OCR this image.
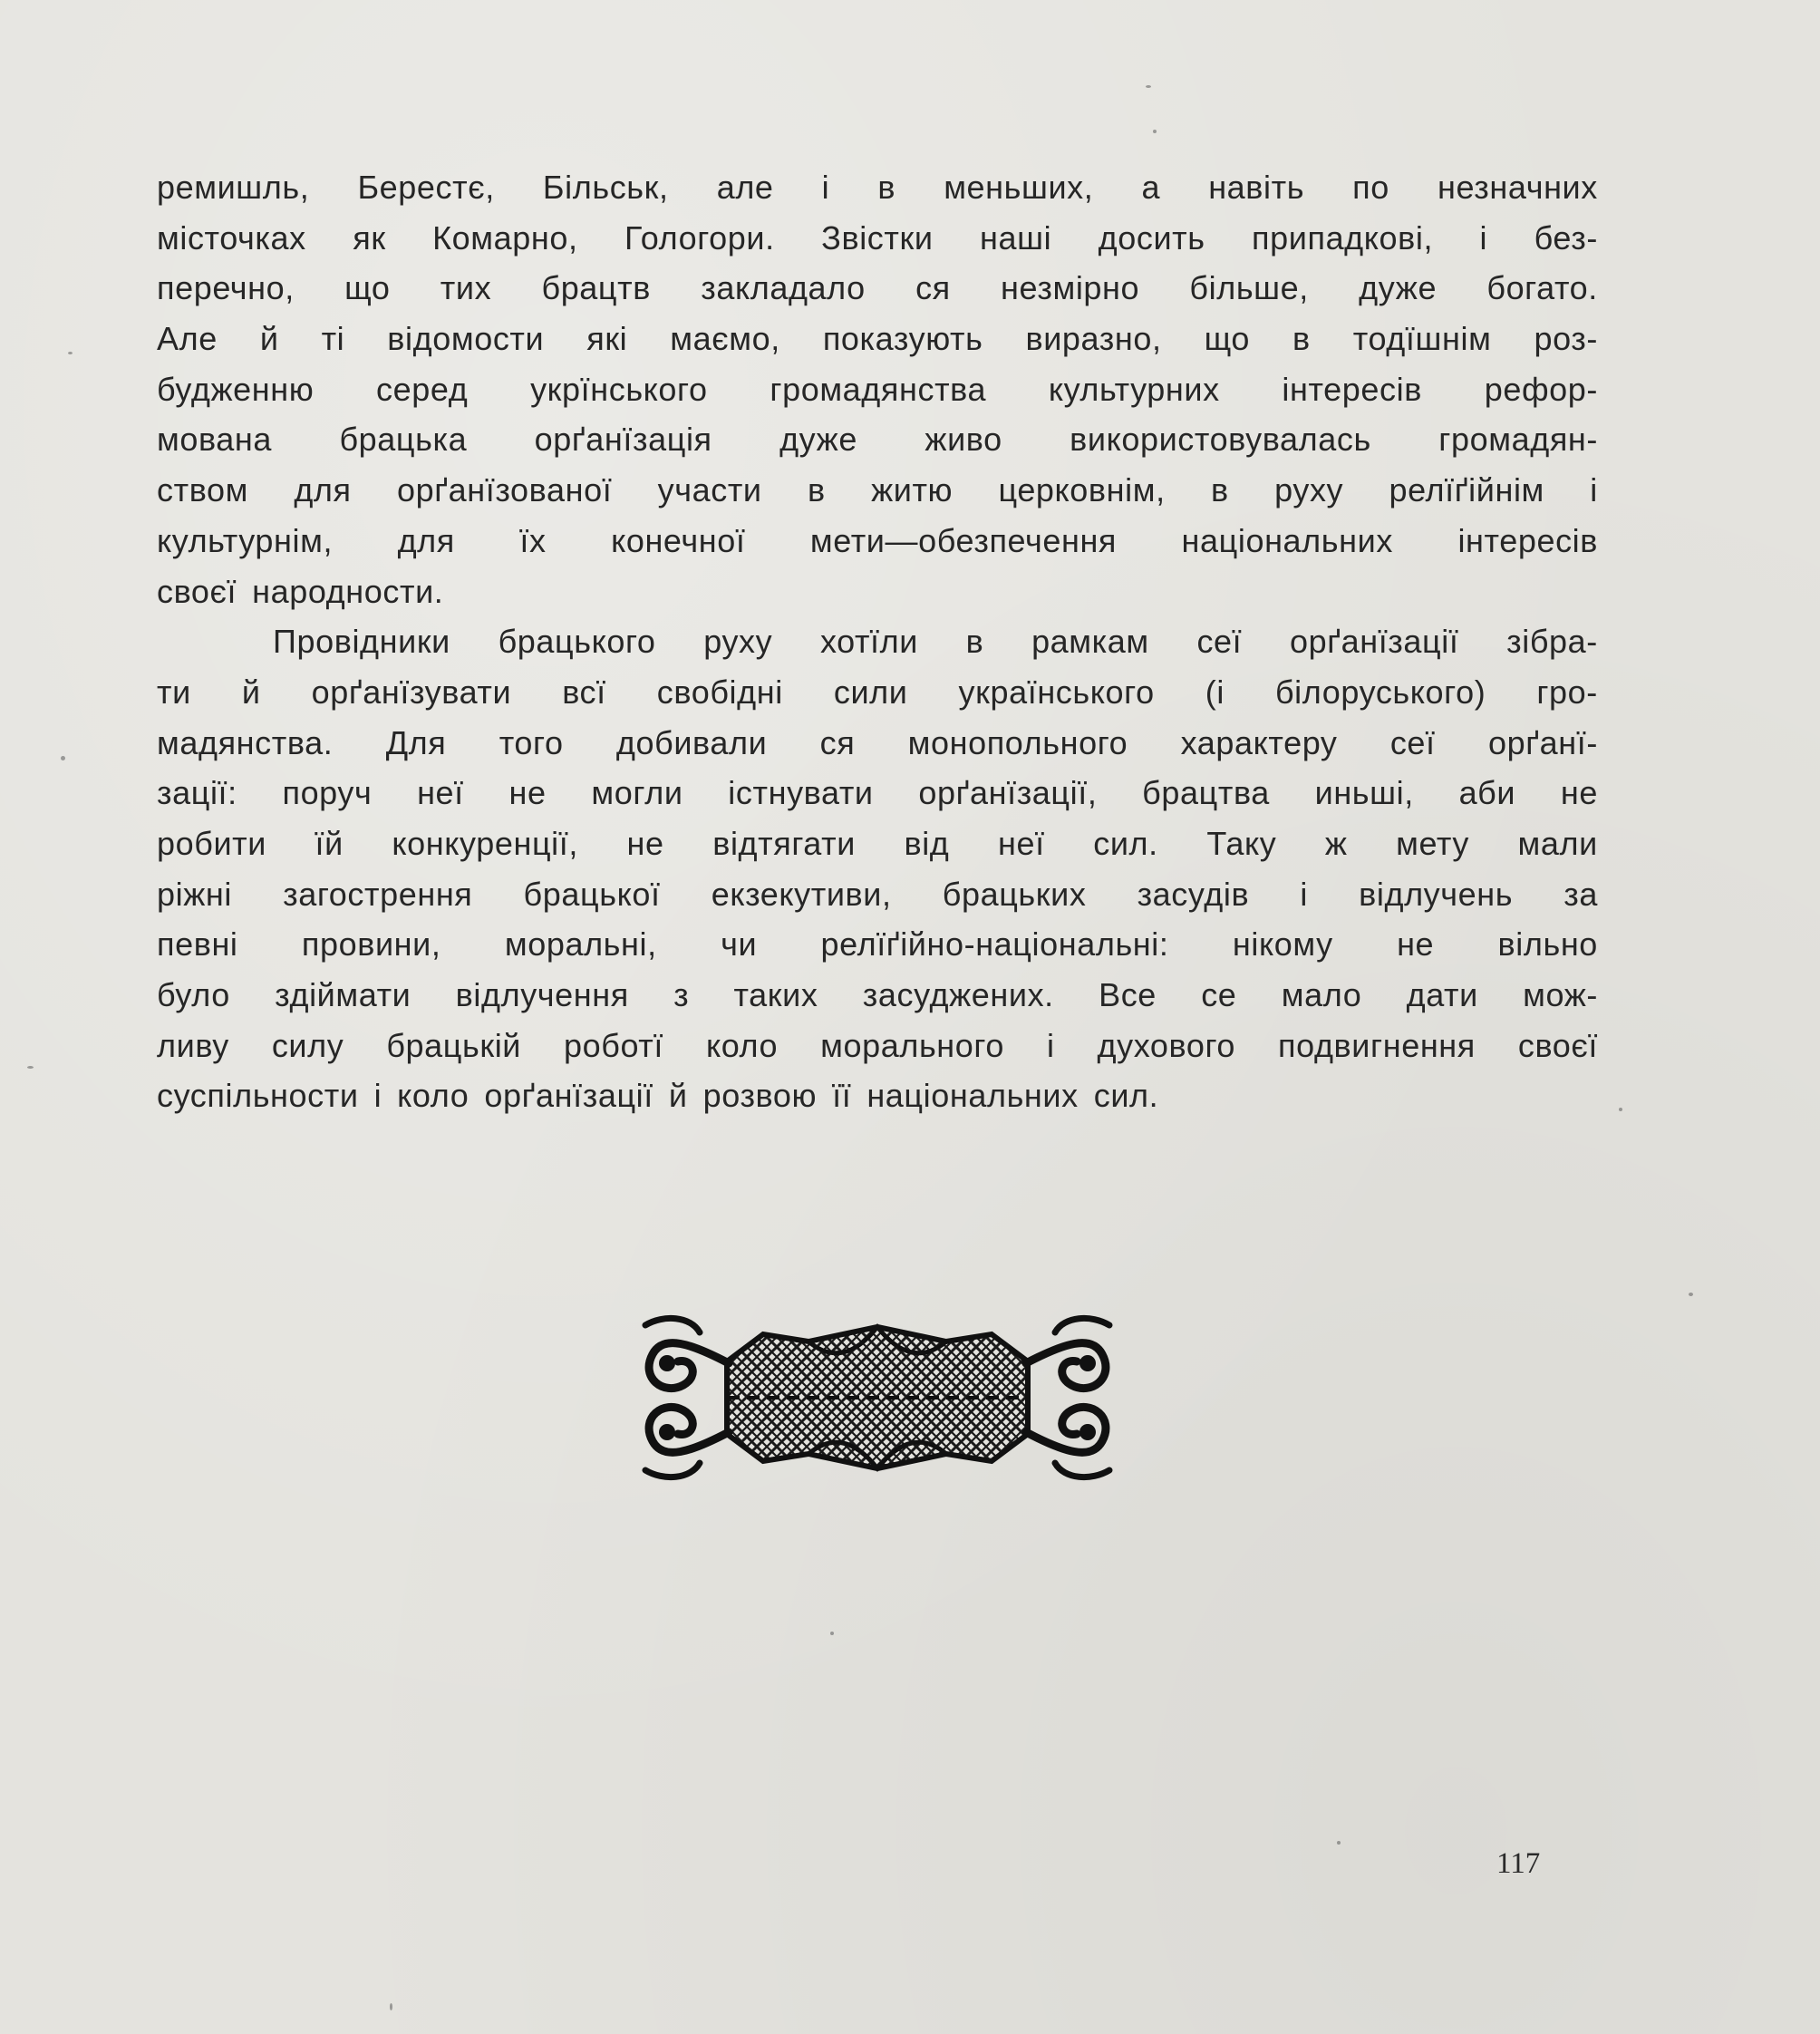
ремишль, Берестє, Більськ, але і в меньших, а навіть по незначних
місточках як Комарно, Гологори. Звістки наші досить припадкові, і без-
перечно, що тих брацтв закладало ся незмірно більше, дуже богато.
Але й ті відомости які маємо, показують виразно, що в тодїшнім роз-
будженню серед укрїнського громадянства культурних інтересів рефор-
мована брацька орґанїзація дуже живо використовувалась громадян-
ством для орґанїзованої участи в житю церковнім, в руху релїґійнім і
культурнім, для їх конечної мети—обезпечення національних інтересів
своєї народности.
Провідники брацького руху хотїли в рамкам сеї орґанїзації зібра-
ти й орґанїзувати всї свобідні сили українського (і білоруського) гро-
мадянства. Для того добивали ся монопольного характеру сеї орґанї-
зації: поруч неї не могли істнувати орґанїзації, брацтва иньші, аби не
робити їй конкуренції, не відтягати від неї сил. Таку ж мету мали
ріжні загострення брацької екзекутиви, брацьких засудів і відлучень за
певні провини, моральні, чи релїґійно-національні: нікому не вільно
було здіймати відлучення з таких засуджених. Все се мало дати мож-
ливу силу брацькій роботї коло морального і духового подвигнення своєї
суспільности і коло орґанїзації й розвою її національних сил.
117
